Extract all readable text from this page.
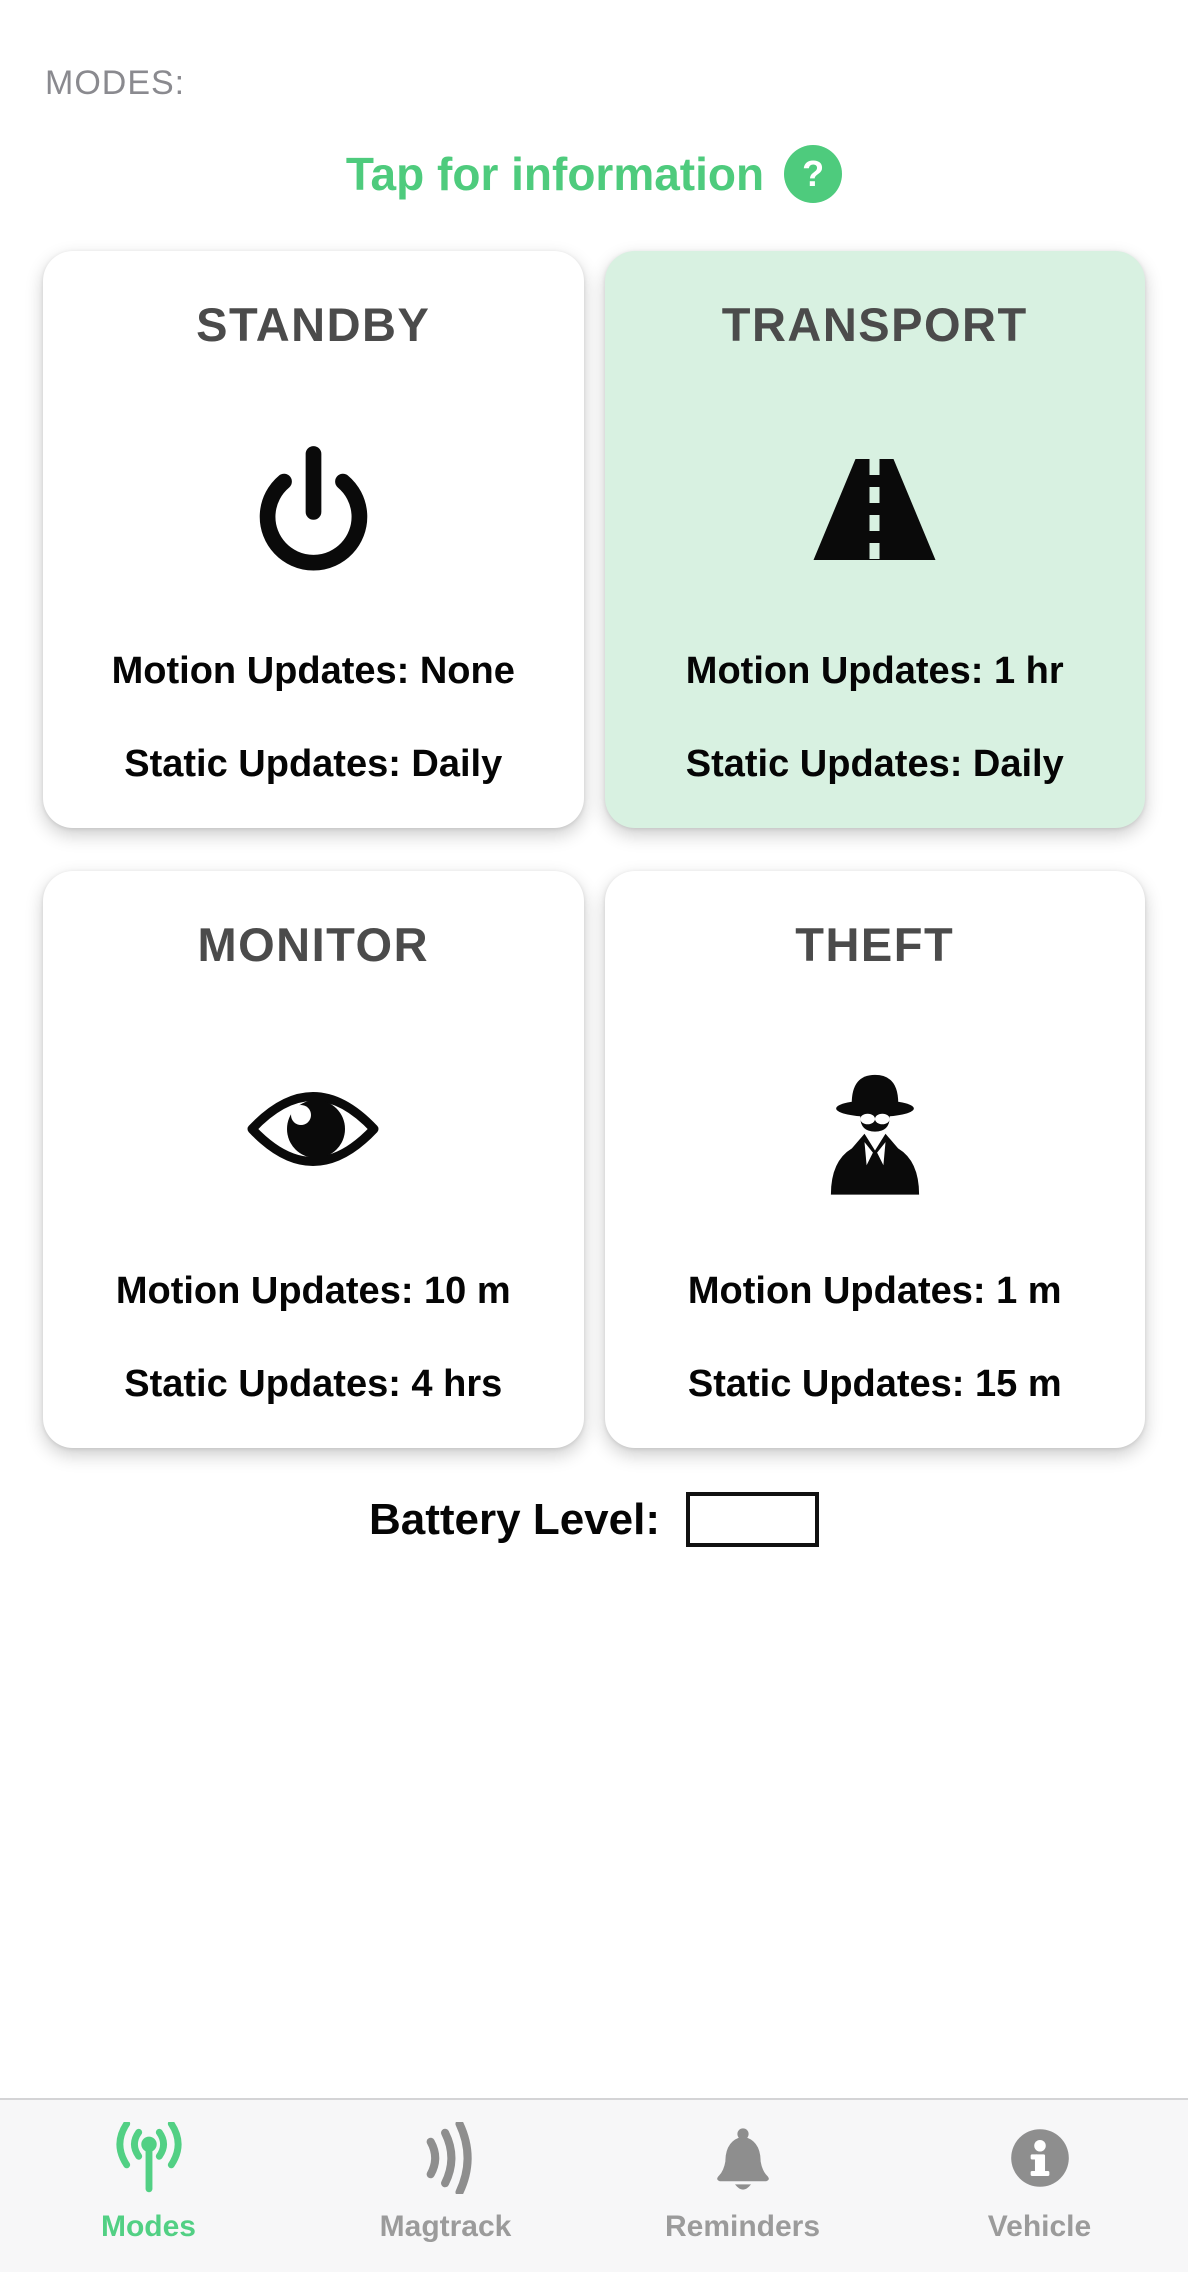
MODES:
Tap for information	?
STANDBY
Motion Updates: None
Static Updates: Daily
TRANSPORT
Motion Updates: 1 hr
Static Updates: Daily
MONITOR
Motion Updates: 10 m
Static Updates: 4 hrs
THEFT
Motion Updates: 1 m
Static Updates: 15 m
Battery Level:
Modes	Magtrack	Reminders	Vehicle
